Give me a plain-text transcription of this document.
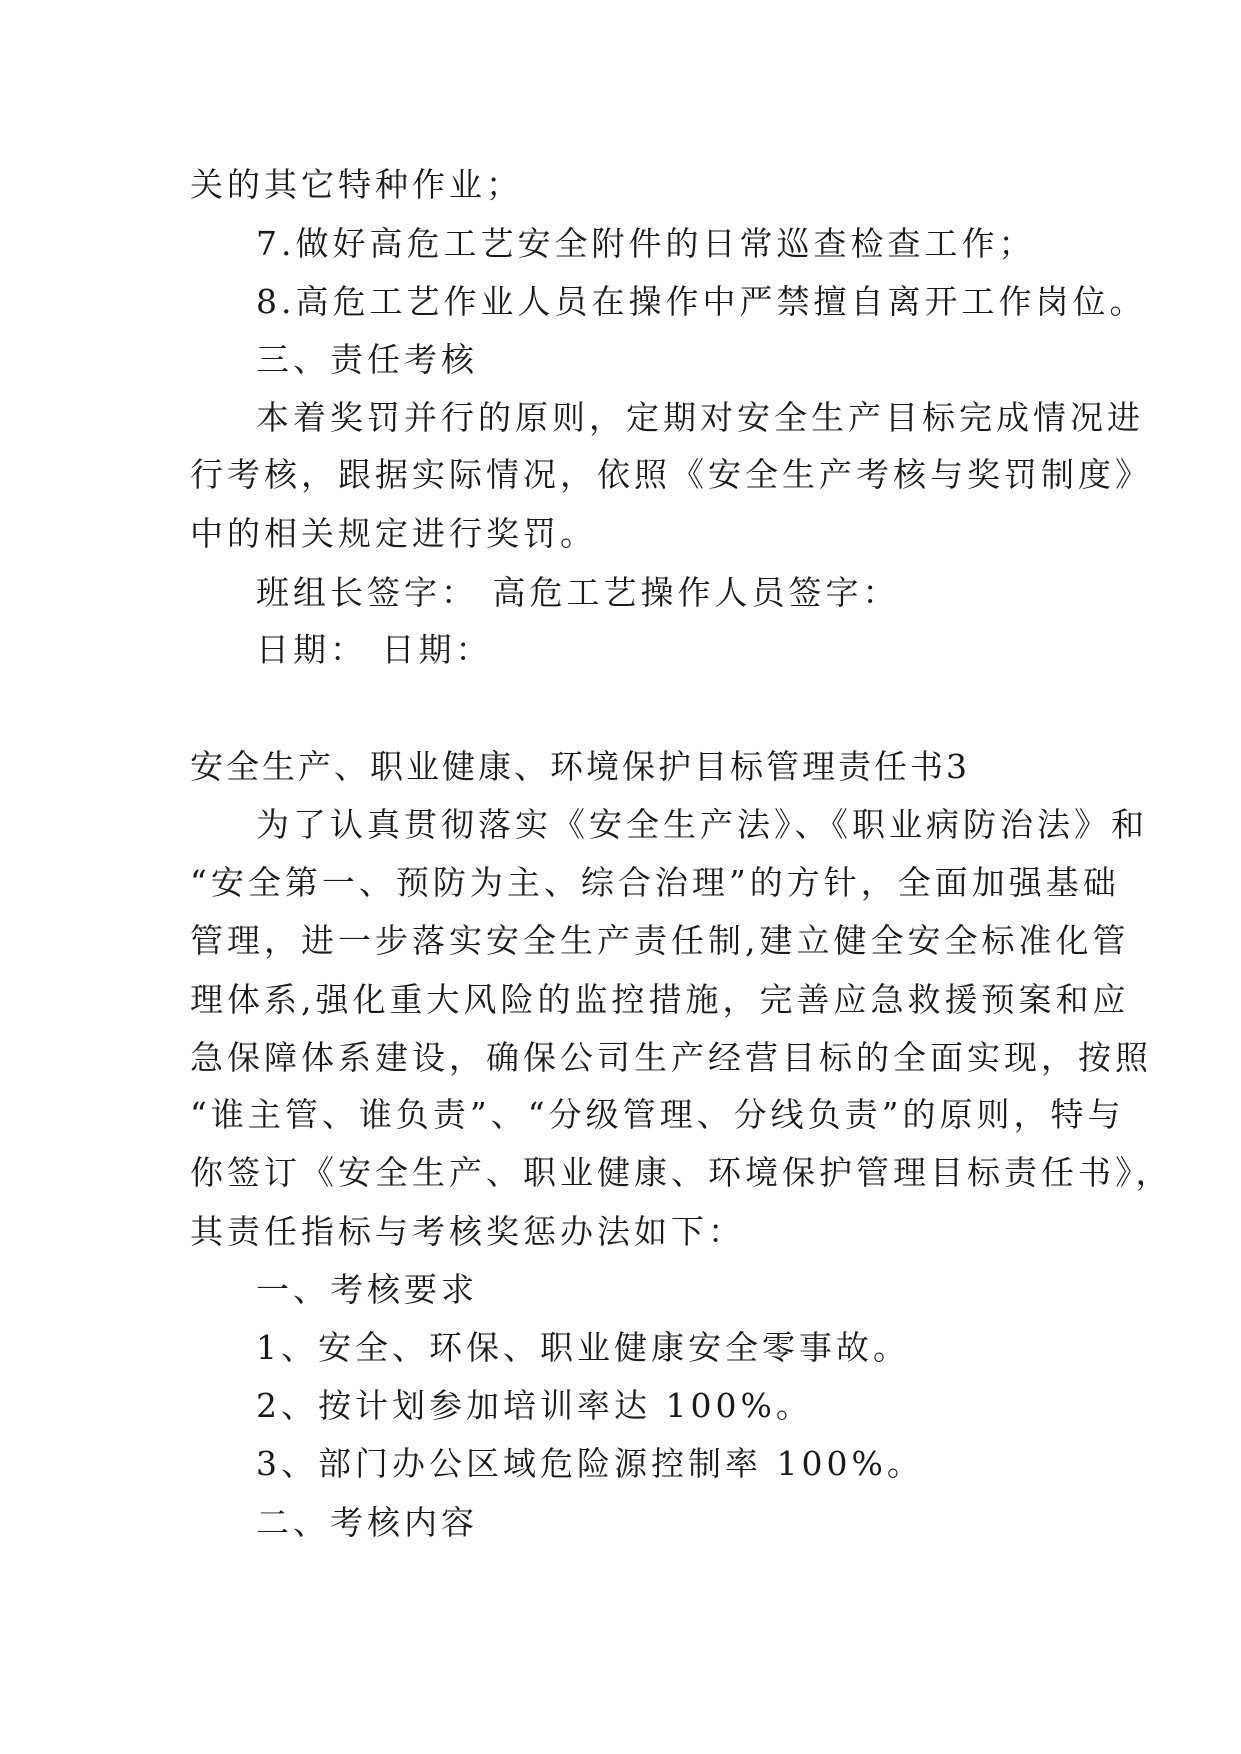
关的其它特种作业；
7.做好高危工艺安全附件的日常巡查检查工作；
8.高危工艺作业人员在操作中严禁擅自离开工作岗位。
三、责任考核
本着奖罚并行的原则，定期对安全生产目标完成情况进
行考核，跟据实际情况，依照《安全生产考核与奖罚制度》
中的相关规定进行奖罚。
班组长签字： 高危工艺操作人员签字：
日期： 日期：
安全生产、职业健康、环境保护目标管理责任书3
为了认真贯彻落实《安全生产法》、《职业病防治法》和
“安全第一、预防为主、综合治理”的方针，全面加强基础
管理，进一步落实安全生产责任制,建立健全安全标准化管
理体系,强化重大风险的监控措施，完善应急救援预案和应
急保障体系建设，确保公司生产经营目标的全面实现，按照
“谁主管、谁负责”、“分级管理、分线负责”的原则，特与
你签订《安全生产、职业健康、环境保护管理目标责任书》，
其责任指标与考核奖惩办法如下：
一、考核要求
1、安全、环保、职业健康安全零事故。
2、按计划参加培训率达 100%。
3、部门办公区域危险源控制率 100%。
二、考核内容
